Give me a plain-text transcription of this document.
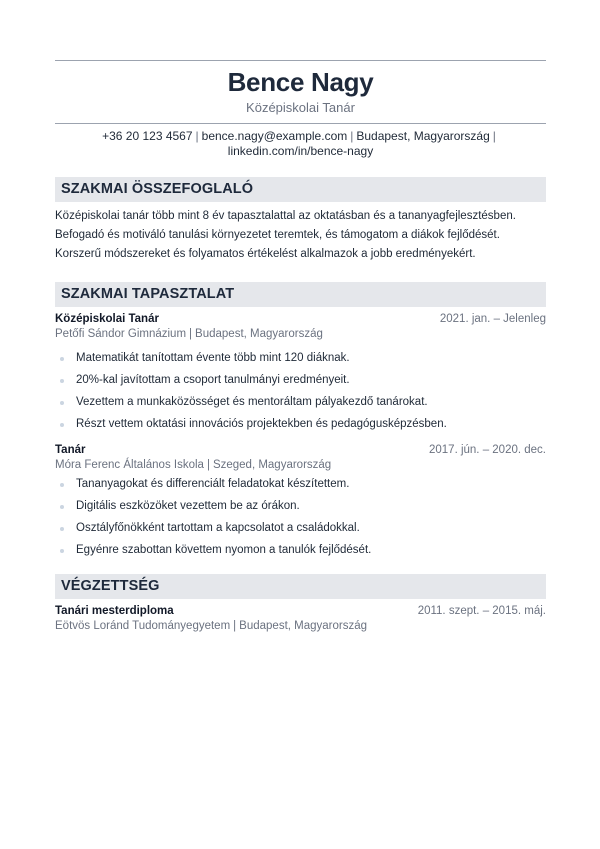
Bence Nagy
Középiskolai Tanár
+36 20 123 4567 | bence.nagy@example.com | Budapest, Magyarország |
linkedin.com/in/bence-nagy
SZAKMAI ÖSSZEFOGLALÓ
Középiskolai tanár több mint 8 év tapasztalattal az oktatásban és a tananyagfejlesztésben.
Befogadó és motiváló tanulási környezetet teremtek, és támogatom a diákok fejlődését.
Korszerű módszereket és folyamatos értékelést alkalmazok a jobb eredményekért.
SZAKMAI TAPASZTALAT
Középiskolai Tanár	2021. jan. – Jelenleg
Petőfi Sándor Gimnázium | Budapest, Magyarország
Matematikát tanítottam évente több mint 120 diáknak.
20%-kal javítottam a csoport tanulmányi eredményeit.
Vezettem a munkaközösséget és mentoráltam pályakezdő tanárokat.
Részt vettem oktatási innovációs projektekben és pedagógusképzésben.
Tanár	2017. jún. – 2020. dec.
Móra Ferenc Általános Iskola | Szeged, Magyarország
Tananyagokat és differenciált feladatokat készítettem.
Digitális eszközöket vezettem be az órákon.
Osztályfőnökként tartottam a kapcsolatot a családokkal.
Egyénre szabottan követtem nyomon a tanulók fejlődését.
VÉGZETTSÉG
Tanári mesterdiploma	2011. szept. – 2015. máj.
Eötvös Loránd Tudományegyetem | Budapest, Magyarország
